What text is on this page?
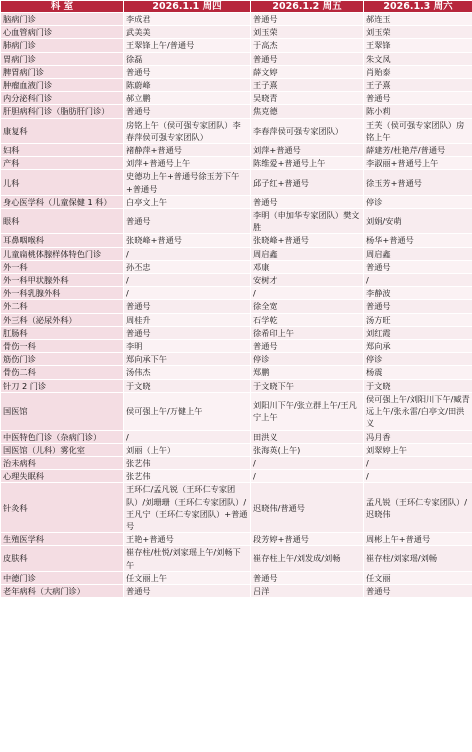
科 室	2026.1.1 周四	2026.1.2 周五	2026.1.3 周六
脑病门诊	李成君	普通号	郝连玉
心血管病门诊	武美美	刘玉荣	刘玉荣
肺病门诊	王翠锋上午/普通号	于高杰	王翠锋
胃病门诊	徐磊	普通号	朱文凤
脾胃病门诊	普通号	薛文婷	肖贻泰
肿瘤血液门诊	陈蔚峰	王子熹	王子熹
内分泌科门诊	郝立鹏	吴晓青	普通号
肝胆病科门诊（脂肪肝门诊）	普通号	焦克德	陈小莉
康复科	房铭上午（侯可强专家团队）李春萍侯可强专家团队）	李春萍侯可强专家团队）	王芙（侯可强专家团队）房铭上午
妇科	褚静萍+普通号	刘萍+普通号	薛建芳/杜艳芹/普通号
产科	刘萍+普通号上午	陈维爱+普通号上午	李淑丽+普通号上午
儿科	史德功上午+普通号徐玉芳下午+普通号	邱子红+普通号	徐玉芳+普通号
身心医学科（儿童保健 1 科）	白亭文上午	普通号	停诊
眼科	普通号	李明（申加华专家团队）樊文胜	刘娟/安萌
耳鼻咽喉科	张晓峰+普通号	张晓峰+普通号	杨华+普通号
儿童扁桃体腺样体特色门诊	/	周启鑫	周启鑫
外一科	孙丕忠	邓康	普通号
外一科甲状腺外科	/	安树才	/
外一科乳腺外科	/	/	李静波
外二科	普通号	徐全宽	普通号
外三科（泌尿外科）	周桂升	石学乾	汤方旺
肛肠科	普通号	徐希印上午	刘红霞
骨伤一科	李明	普通号	郑向承
筋伤门诊	郑向承下午	停诊	停诊
骨伤二科	汤伟杰	郑鹏	杨震
针刀 2 门诊	于文晓	于文晓下午	于文晓
国医馆	侯可强上午/万健上午	刘阳川下午/张立群上午/王凡宁上午	侯可强上午/刘阳川下午/臧青远上午/张永雷/白亭文/田洪义
中医特色门诊（杂病门诊）	/	田洪义	冯月香
国医馆（儿科）雾化室	刘丽（上午）	张海英(上午)	刘翠婷上午
治未病科	张艺伟	/	/
心理失眠科	张艺伟	/	/
针灸科	王环仁/孟凡锐（王环仁专家团队）/刘珊珊（王环仁专家团队）/王凡宁（王环仁专家团队）+普通号	迟晓伟/普通号	孟凡锐（王环仁专家团队）/迟晓伟
生殖医学科	王艳+普通号	段芳婷+普通号	周彬上午+普通号
皮肤科	崔存柱/杜悦/刘家瑶上午/刘畅下午	崔存柱上午/刘发成/刘畅	崔存柱/刘家瑶/刘畅
中德门诊	任文丽上午	普通号	任文丽
老年病科（大病门诊）	普通号	吕洋	普通号
